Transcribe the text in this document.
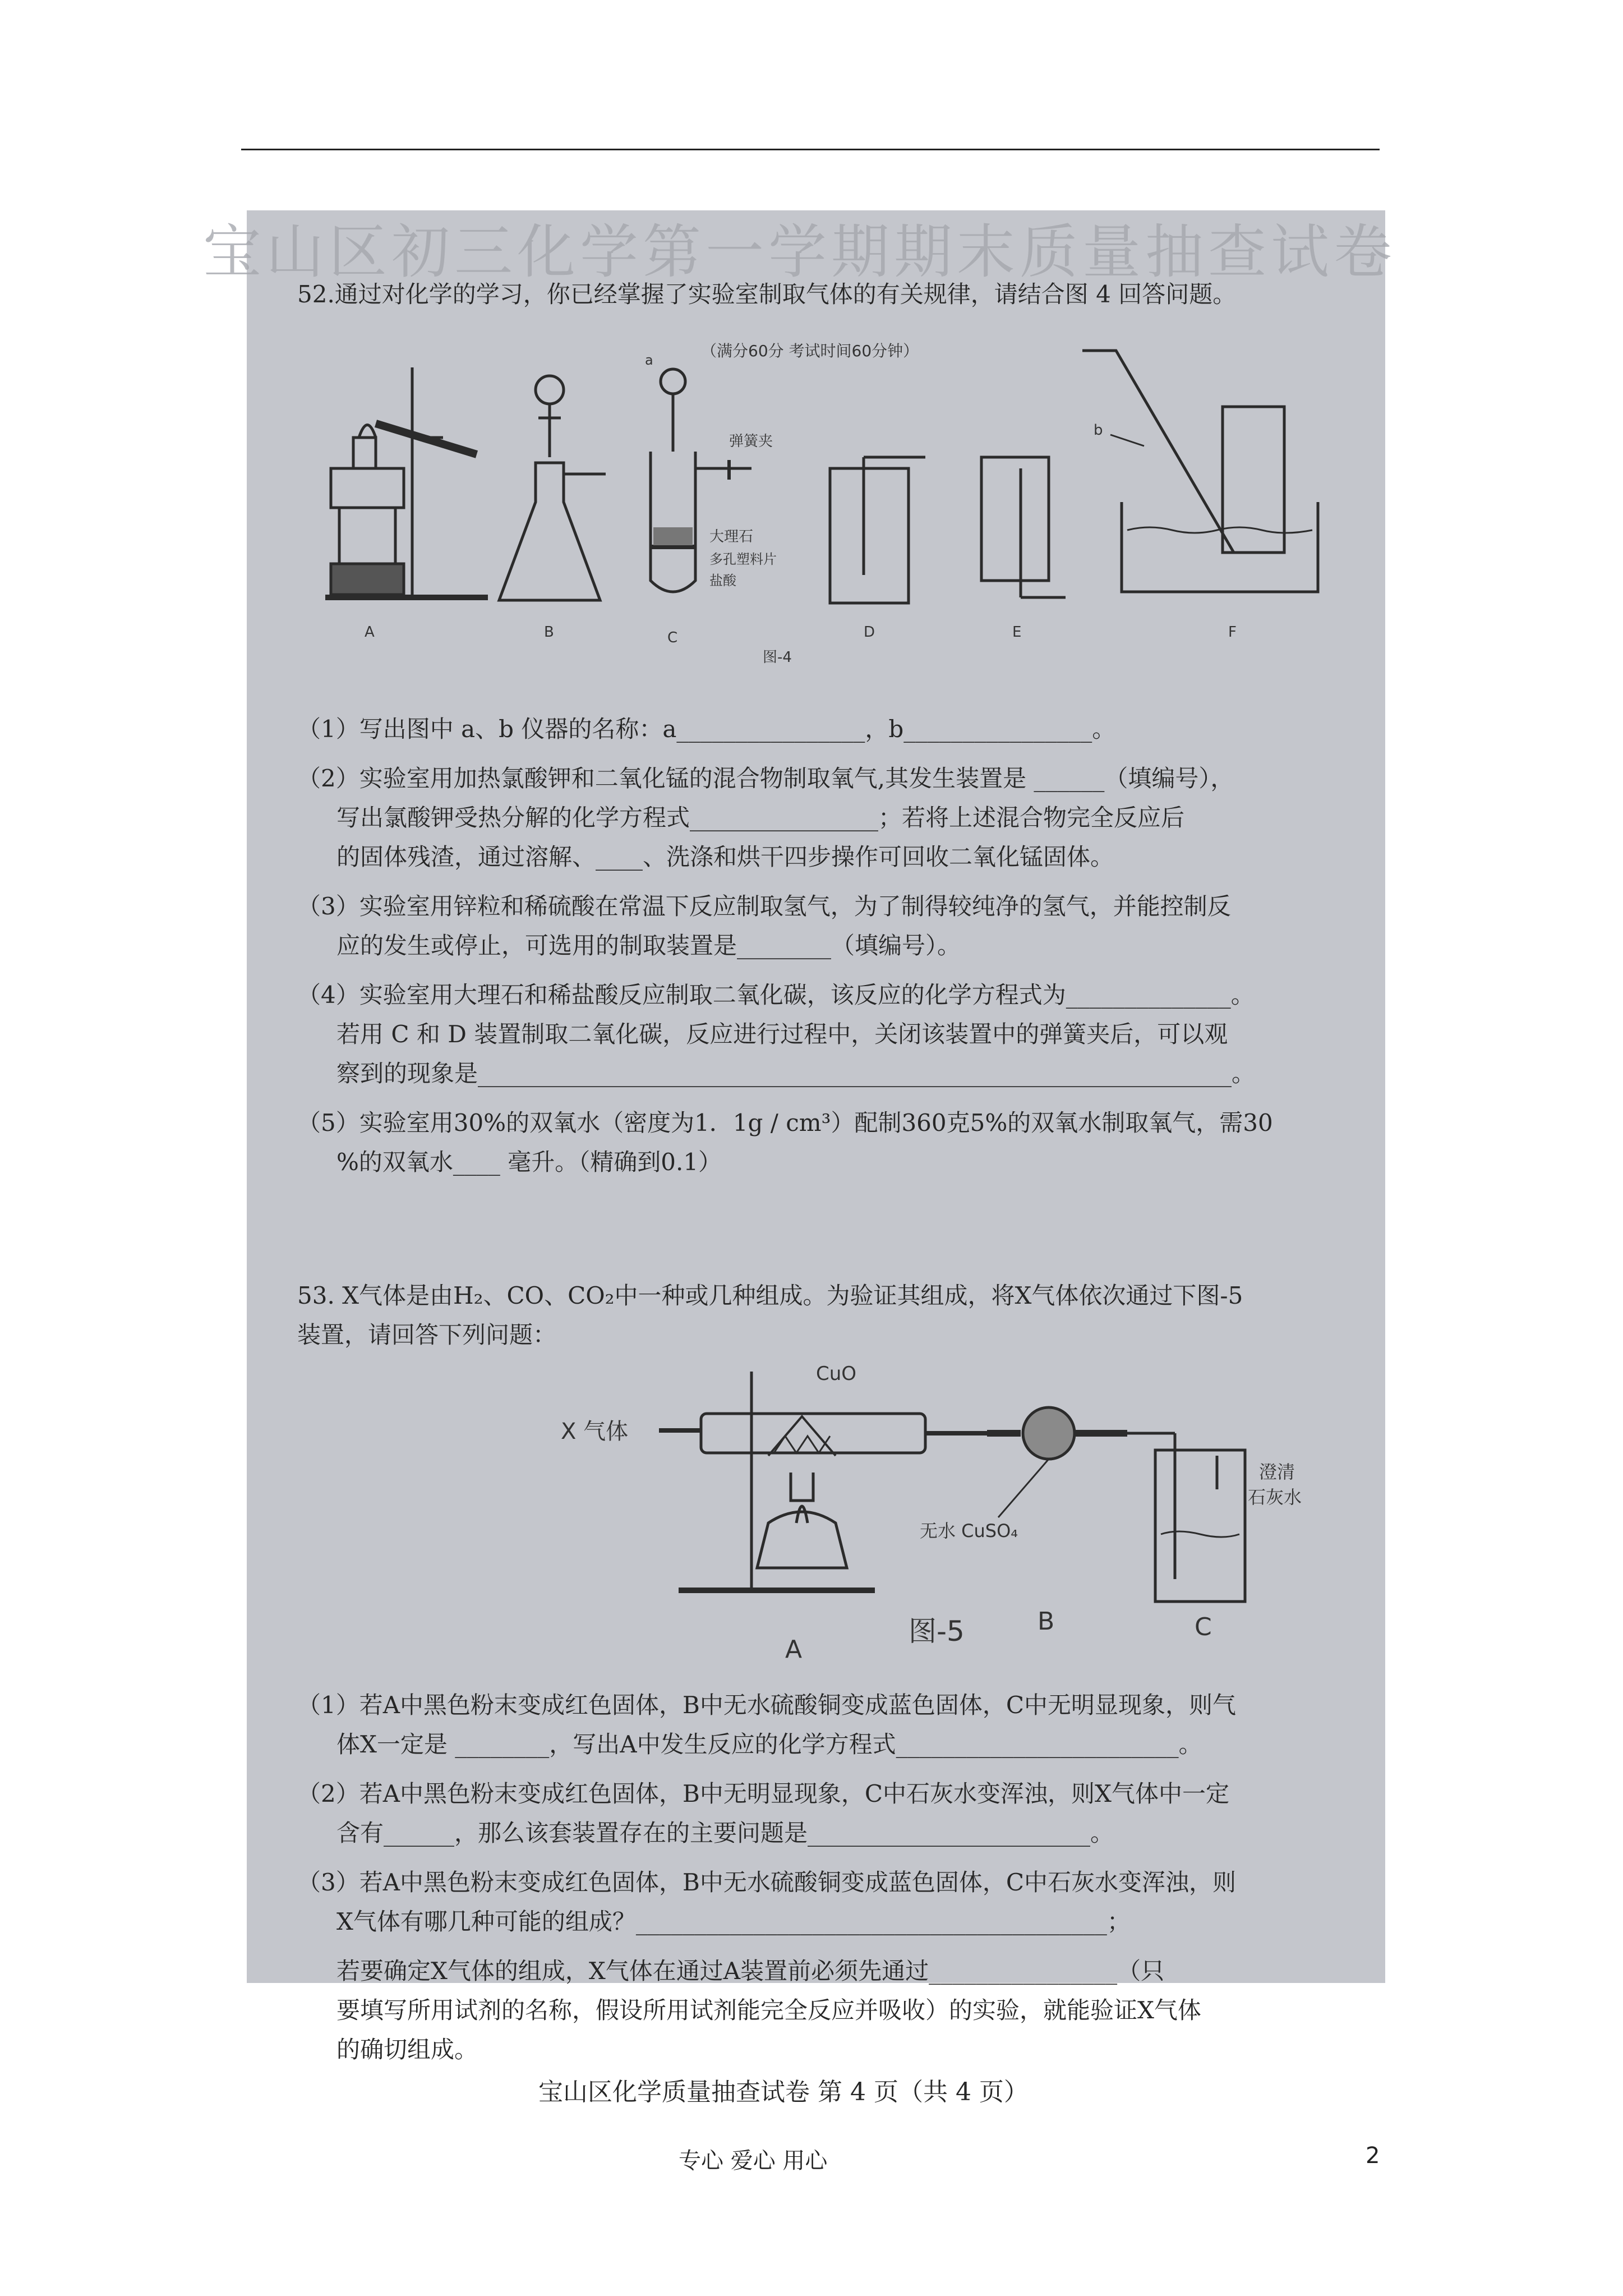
宝山区初三化学第一学期期末质量抽查试卷
52.通过对化学的学习，你已经掌握了实验室制取气体的有关规律，请结合图 4 回答问题。
（满分60分 考试时间60分钟）
A	B
a
弹簧夹
大理石
多孔塑料片
盐酸
C
图-4
D	E
b
F

（1）写出图中 a、b 仪器的名称：a________________，b________________。

（2）实验室用加热氯酸钾和二氧化锰的混合物制取氧气,其发生装置是 ______（填编号），

写出氯酸钾受热分解的化学方程式________________；若将上述混合物完全反应后

的固体残渣，通过溶解、____、洗涤和烘干四步操作可回收二氧化锰固体。

（3）实验室用锌粒和稀硫酸在常温下反应制取氢气，为了制得较纯净的氢气，并能控制反

应的发生或停止，可选用的制取装置是________（填编号）。

（4）实验室用大理石和稀盐酸反应制取二氧化碳，该反应的化学方程式为______________。

若用 C 和 D 装置制取二氧化碳，反应进行过程中，关闭该装置中的弹簧夹后，可以观

察到的现象是________________________________________________________________。

（5）实验室用30%的双氧水（密度为1．1g / cm³）配制360克5%的双氧水制取氧气，需30

%的双氧水____ 毫升。（精确到0.1）

53. X气体是由H₂、CO、CO₂中一种或几种组成。为验证其组成，将X气体依次通过下图-5

装置，请回答下列问题：

X 气体
CuO
A
无水 CuSO₄
B
澄清
石灰水
C
图-5

（1）若A中黑色粉末变成红色固体，B中无水硫酸铜变成蓝色固体，C中无明显现象，则气

体X一定是 ________，写出A中发生反应的化学方程式________________________。

（2）若A中黑色粉末变成红色固体，B中无明显现象，C中石灰水变浑浊，则X气体中一定

含有______，那么该套装置存在的主要问题是________________________。

（3）若A中黑色粉末变成红色固体，B中无水硫酸铜变成蓝色固体，C中石灰水变浑浊，则

X气体有哪几种可能的组成？________________________________________；

若要确定X气体的组成，X气体在通过A装置前必须先通过________________（只

要填写所用试剂的名称，假设所用试剂能完全反应并吸收）的实验，就能验证X气体

的确切组成。

宝山区化学质量抽查试卷 第 4 页（共 4 页）
专心 爱心 用心	2
